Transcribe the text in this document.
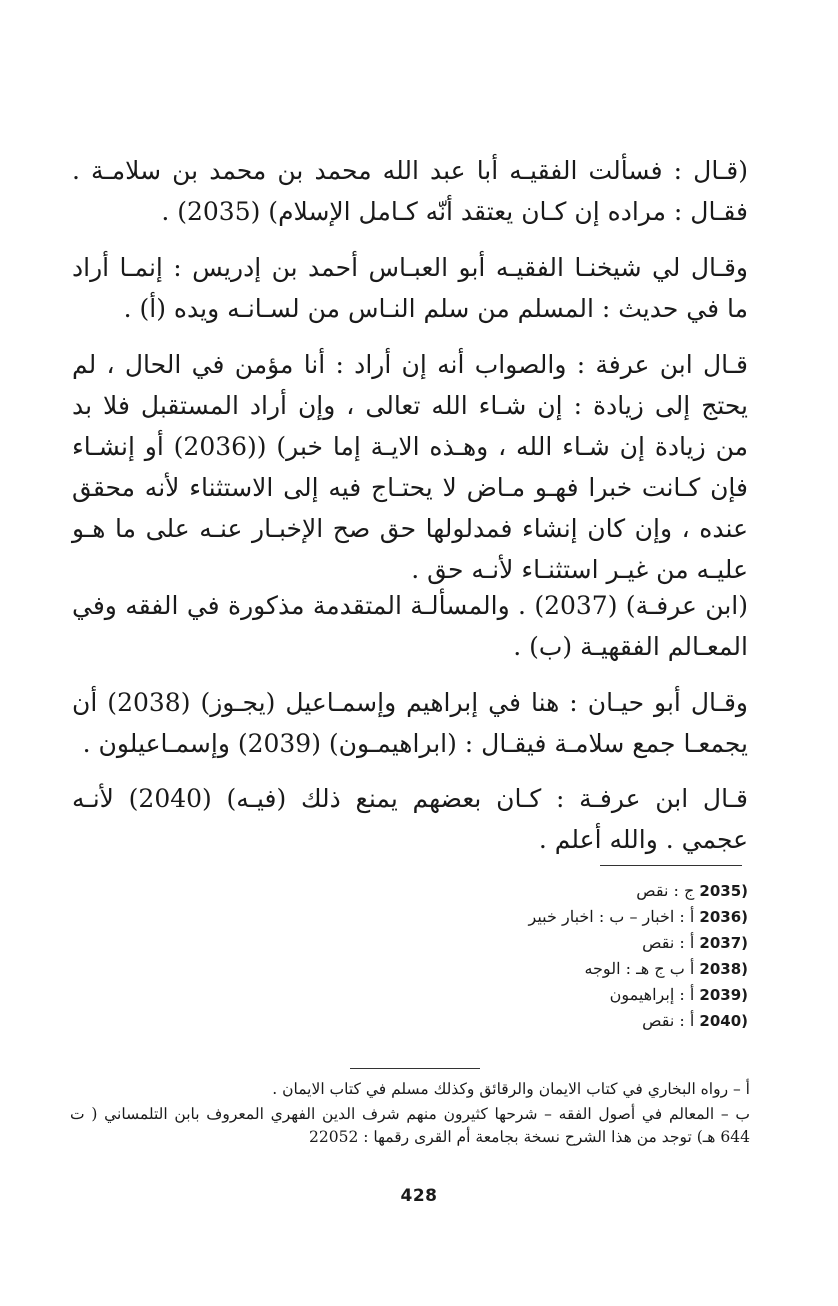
(قـال : فسألت الفقيـه أبا عبد الله محمد بن محمد بن سلامـة . فقـال : مراده إن كـان يعتقد أنّه كـامل الإسلام) (2035) .

وقـال لي شيخنـا الفقيـه أبو العبـاس أحمد بن إدريس : إنمـا أراد ما في حديث : المسلم من سلم النـاس من لسـانـه ويده (أ) .

قـال ابن عرفة : والصواب أنه إن أراد : أنا مؤمن في الحال ، لم يحتج إلى زيادة : إن شـاء الله تعالى ، وإن أراد المستقبل فلا بد من زيادة إن شـاء الله ، وهـذه الايـة إما خبر) ((2036) أو إنشـاء فإن كـانت خبرا فهـو مـاض لا يحتـاج فيه إلى الاستثناء لأنه محقق عنده ، وإن كان إنشاء فمدلولها حق صح الإخبـار عنـه على ما هـو عليـه من غيـر استثنـاء لأنـه حق .

(ابن عرفـة) (2037) . والمسألـة المتقدمة مذكورة في الفقه وفي المعـالم الفقهيـة (ب) .

وقـال أبو حيـان : هنا في إبراهيم وإسمـاعيل (يجـوز) (2038) أن يجمعـا جمع سلامـة فيقـال : (ابراهيمـون) (2039) وإسمـاعيلون .

قـال ابن عرفـة : كـان بعضهم يمنع ذلك (فيـه) (2040) لأنـه عجمي . والله أعلم .

(2035 ج : نقص
(2036 أ : اخبار – ب : اخبار خبير
(2037 أ : نقص
(2038 أ ب ج هـ : الوجه
(2039 أ : إبراهيمون
(2040 أ : نقص

أ – رواه البخاري في كتاب الايمان والرقائق وكذلك مسلم في كتاب الايمان .

ب – المعالم في أصول الفقه – شرحها كثيرون منهم شرف الدين الفهري المعروف بابن التلمساني ( ت 644 هـ) توجد من هذا الشرح نسخة بجامعة أم القرى رقمها : 22052

428
